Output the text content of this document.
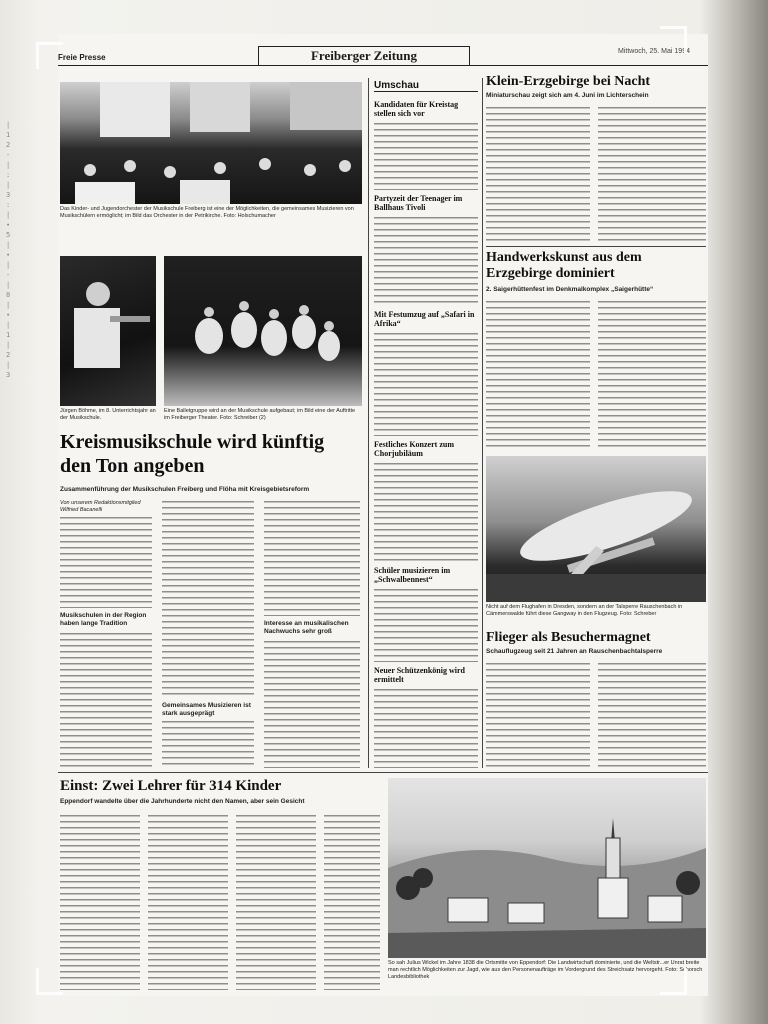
| 1 2 - | : | 3 : | ∙ 5 | ∙ | - | 8 | ∙ | 1 | 2 | 3
Freie Presse	Freiberger Zeitung	Mittwoch, 25. Mai 1994
Das Kinder- und Jugendorchester der Musikschule Freiberg ist eine der Möglichkeiten, die gemeinsames Musizieren von Musikschülern ermöglicht; im Bild das Orchester in der Petrikirche. Foto: Holschumacher
Jürgen Böhme, im 8. Unterrichtsjahr an der Musikschule.
Eine Balletgruppe wird an der Musikschule aufgebaut; im Bild eine der Auftritte im Freiberger Theater. Foto: Schreiber (2)
Kreismusikschule wird künftig den Ton angeben
Zusammenführung der Musikschulen Freiberg und Flöha mit Kreisgebietsreform
Von unserem Redaktionsmitglied Wilfried Bacanelli
Musikschulen in der Region haben lange Tradition
Gemeinsames Musizieren ist stark ausgeprägt
Interesse an musikalischen Nachwuchs sehr groß
Umschau
Kandidaten für Kreistag stellen sich vor
Partyzeit der Teenager im Ballhaus Tivoli
Mit Festumzug auf „Safari in Afrika“
Festliches Konzert zum Chorjubiläum
Schüler musizieren im „Schwalbennest“
Neuer Schützenkönig wird ermittelt
Klein-Erzgebirge bei Nacht
Miniaturschau zeigt sich am 4. Juni im Lichterschein
Handwerkskunst aus dem Erzgebirge dominiert
2. Saigerhüttenfest im Denkmalkomplex „Saigerhütte“
Nicht auf dem Flughafen in Dresden, sondern an der Talsperre Rauschenbach in Cämmerswalde führt diese Gangway in den Flugzeug. Foto: Schreber
Flieger als Besuchermagnet
Schauflugzeug seit 21 Jahren an Rauschenbachtalsperre
Einst: Zwei Lehrer für 314 Kinder
Eppendorf wandelte über die Jahrhunderte nicht den Namen, aber sein Gesicht
So sah Julius Wickel im Jahre 1838 die Ortsmitte von Eppendorf: Die Landwirtschaft dominierte, und die Weltstr...er Unrat breite man rechtlich Möglichkeiten zur Jagd, wie aus den Personenaufträge im Vordergrund des Streichsatz hervorgeht. Foto: Schorsch Landesbibliothek
